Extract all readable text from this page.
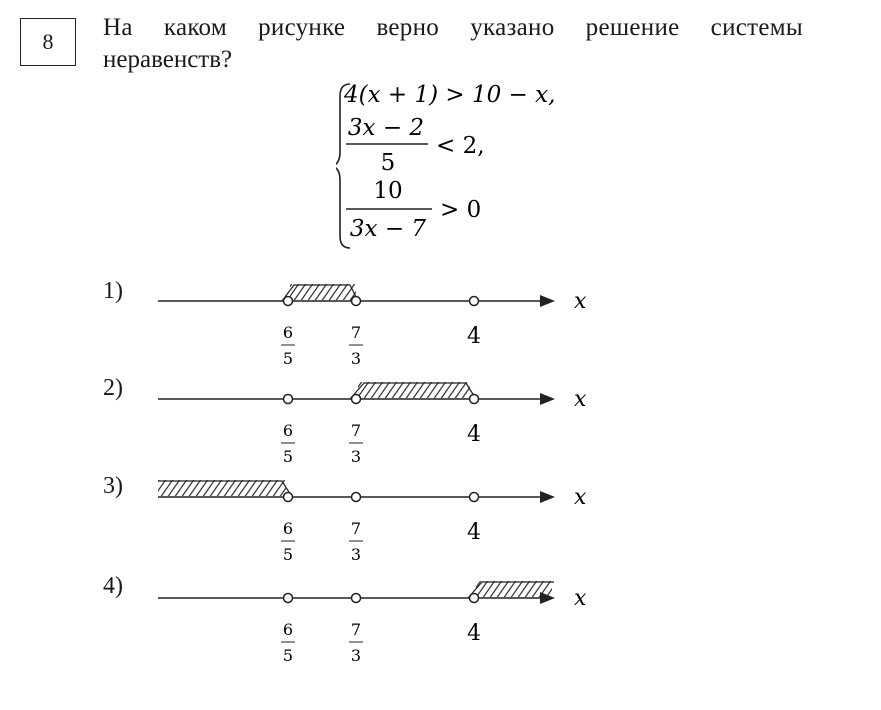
8
На каком рисунке верно указано решение системы
неравенств?
4(x + 1) > 10 − x,
3x − 2
5
< 2,
10
3x − 7
> 0
1)
2)
3)
4)
x
6
5
7
3
4
x
6
5
7
3
4
x
6
5
7
3
4
x
6
5
7
3
4
